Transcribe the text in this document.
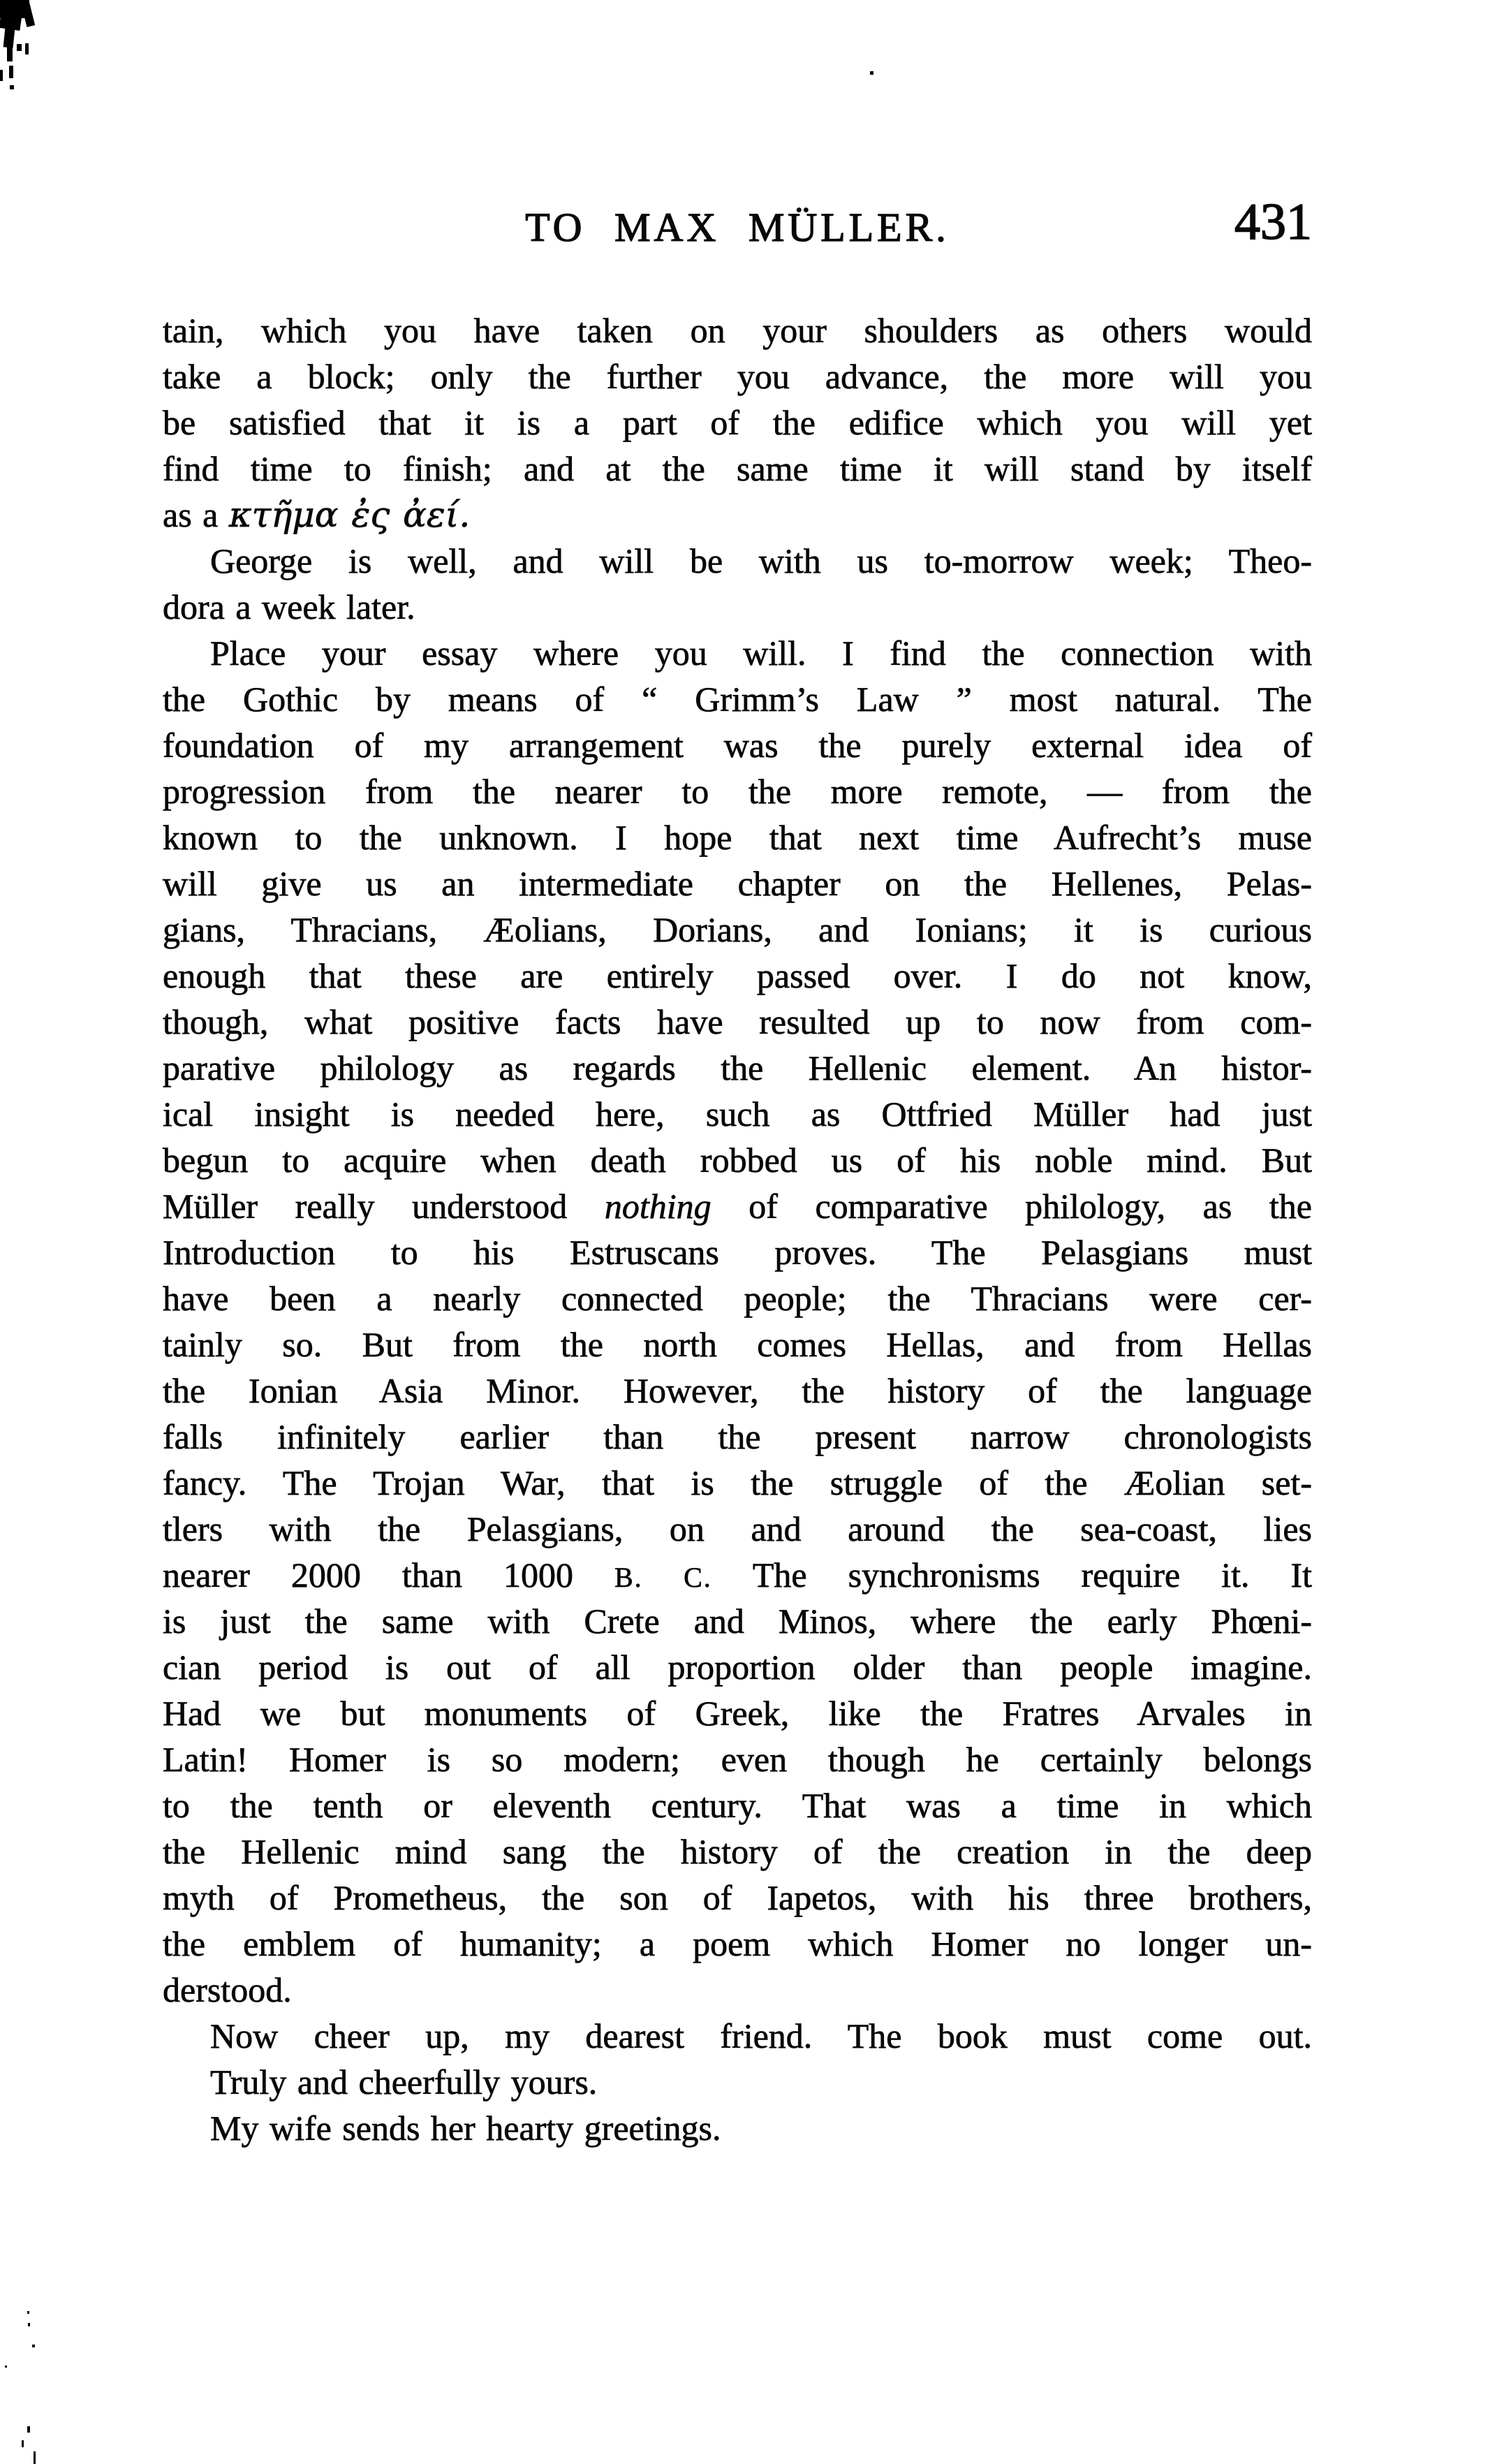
TO MAX MÜLLER.	431
tain, which you have taken on your shoulders as others would
take a block; only the further you advance, the more will you
be satisfied that it is a part of the edifice which you will yet
find time to finish; and at the same time it will stand by itself
as a κτῆμα ἐς ἀεί.
George is well, and will be with us to-morrow week; Theo-
dora a week later.
Place your essay where you will. I find the connection with
the Gothic by means of “ Grimm’s Law ” most natural. The
foundation of my arrangement was the purely external idea of
progression from the nearer to the more remote, — from the
known to the unknown. I hope that next time Aufrecht’s muse
will give us an intermediate chapter on the Hellenes, Pelas-
gians, Thracians, Æolians, Dorians, and Ionians; it is curious
enough that these are entirely passed over. I do not know,
though, what positive facts have resulted up to now from com-
parative philology as regards the Hellenic element. An histor-
ical insight is needed here, such as Ottfried Müller had just
begun to acquire when death robbed us of his noble mind. But
Müller really understood nothing of comparative philology, as the
Introduction to his Estruscans proves. The Pelasgians must
have been a nearly connected people; the Thracians were cer-
tainly so. But from the north comes Hellas, and from Hellas
the Ionian Asia Minor. However, the history of the language
falls infinitely earlier than the present narrow chronologists
fancy. The Trojan War, that is the struggle of the Æolian set-
tlers with the Pelasgians, on and around the sea-coast, lies
nearer 2000 than 1000 B. C. The synchronisms require it. It
is just the same with Crete and Minos, where the early Phœni-
cian period is out of all proportion older than people imagine.
Had we but monuments of Greek, like the Fratres Arvales in
Latin! Homer is so modern; even though he certainly belongs
to the tenth or eleventh century. That was a time in which
the Hellenic mind sang the history of the creation in the deep
myth of Prometheus, the son of Iapetos, with his three brothers,
the emblem of humanity; a poem which Homer no longer un-
derstood.
Now cheer up, my dearest friend. The book must come out.
Truly and cheerfully yours.
My wife sends her hearty greetings.
